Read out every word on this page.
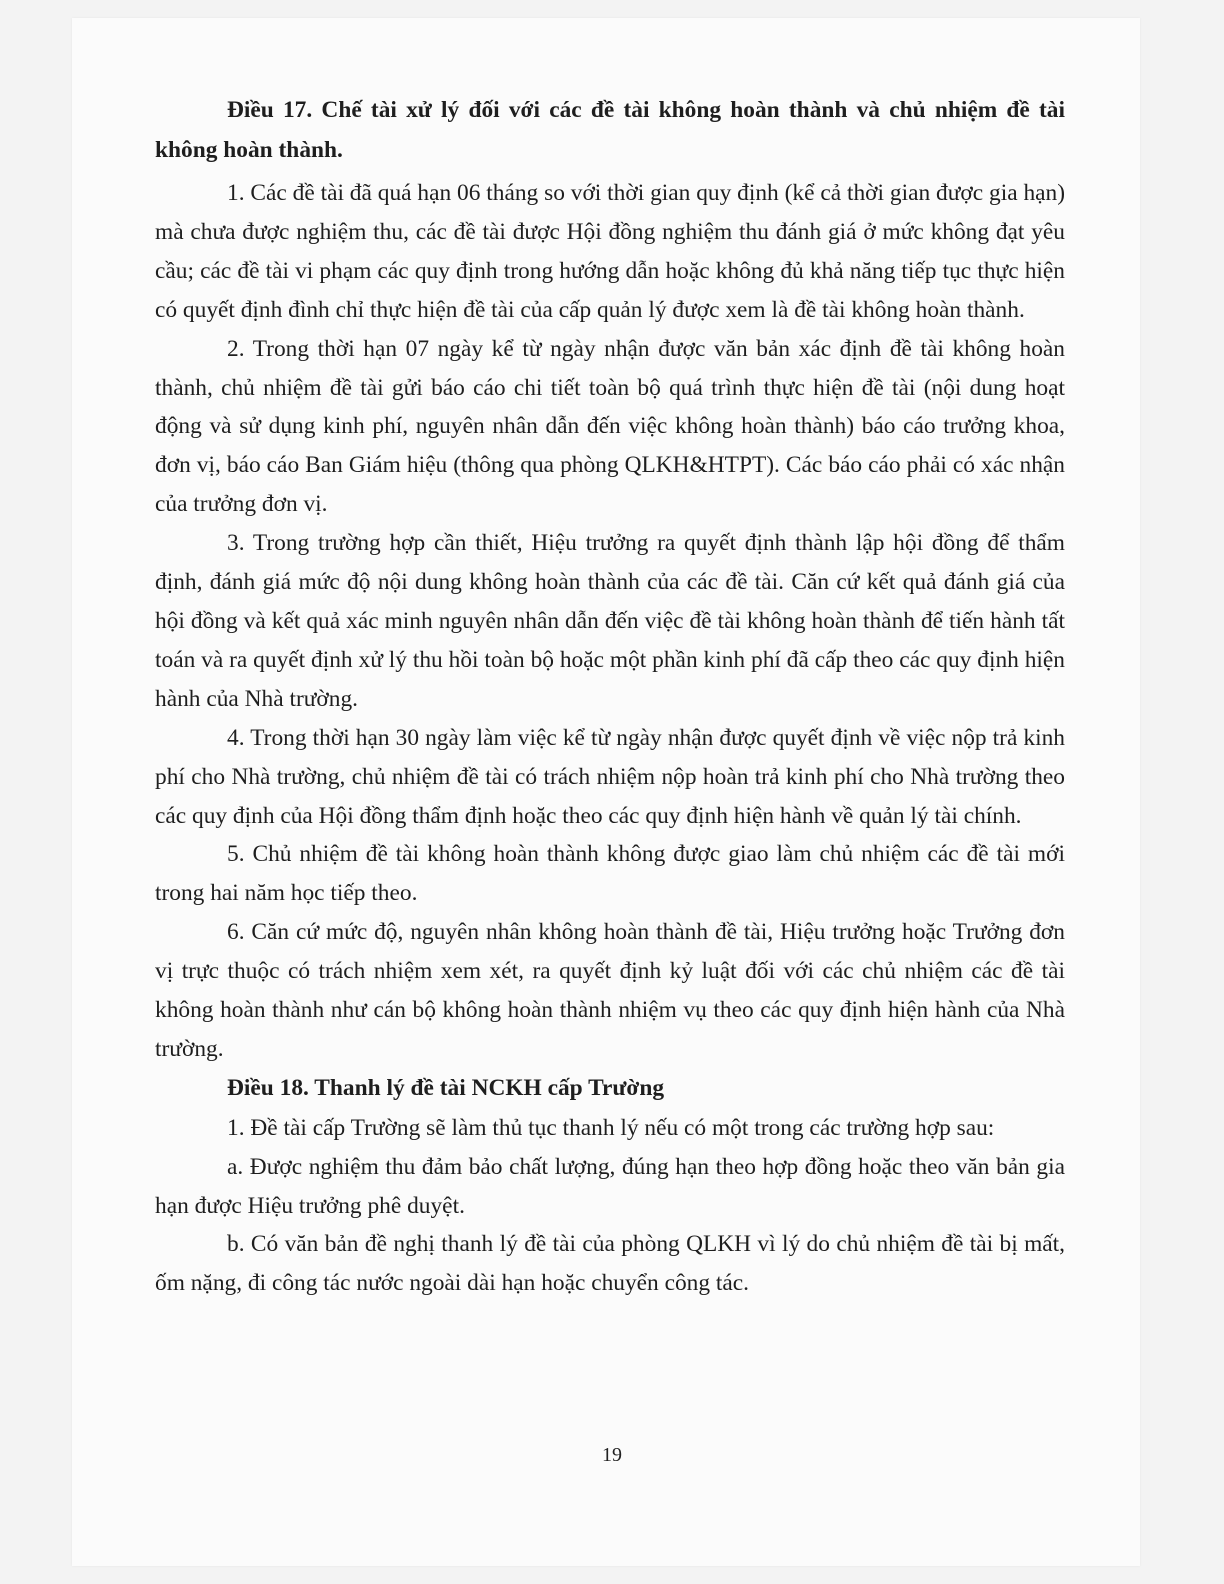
Điều 17. Chế tài xử lý đối với các đề tài không hoàn thành và chủ nhiệm đề tài không hoàn thành.

1. Các đề tài đã quá hạn 06 tháng so với thời gian quy định (kể cả thời gian được gia hạn) mà chưa được nghiệm thu, các đề tài được Hội đồng nghiệm thu đánh giá ở mức không đạt yêu cầu; các đề tài vi phạm các quy định trong hướng dẫn hoặc không đủ khả năng tiếp tục thực hiện có quyết định đình chỉ thực hiện đề tài của cấp quản lý được xem là đề tài không hoàn thành.

2. Trong thời hạn 07 ngày kể từ ngày nhận được văn bản xác định đề tài không hoàn thành, chủ nhiệm đề tài gửi báo cáo chi tiết toàn bộ quá trình thực hiện đề tài (nội dung hoạt động và sử dụng kinh phí, nguyên nhân dẫn đến việc không hoàn thành) báo cáo trưởng khoa, đơn vị, báo cáo Ban Giám hiệu (thông qua phòng QLKH&HTPT). Các báo cáo phải có xác nhận của trưởng đơn vị.

3. Trong trường hợp cần thiết, Hiệu trưởng ra quyết định thành lập hội đồng để thẩm định, đánh giá mức độ nội dung không hoàn thành của các đề tài. Căn cứ kết quả đánh giá của hội đồng và kết quả xác minh nguyên nhân dẫn đến việc đề tài không hoàn thành để tiến hành tất toán và ra quyết định xử lý thu hồi toàn bộ hoặc một phần kinh phí đã cấp theo các quy định hiện hành của Nhà trường.

4. Trong thời hạn 30 ngày làm việc kể từ ngày nhận được quyết định về việc nộp trả kinh phí cho Nhà trường, chủ nhiệm đề tài có trách nhiệm nộp hoàn trả kinh phí cho Nhà trường theo các quy định của Hội đồng thẩm định hoặc theo các quy định hiện hành về quản lý tài chính.

5. Chủ nhiệm đề tài không hoàn thành không được giao làm chủ nhiệm các đề tài mới trong hai năm học tiếp theo.

6. Căn cứ mức độ, nguyên nhân không hoàn thành đề tài, Hiệu trưởng hoặc Trưởng đơn vị trực thuộc có trách nhiệm xem xét, ra quyết định kỷ luật đối với các chủ nhiệm các đề tài không hoàn thành như cán bộ không hoàn thành nhiệm vụ theo các quy định hiện hành của Nhà trường.

Điều 18. Thanh lý đề tài NCKH cấp Trường

1. Đề tài cấp Trường sẽ làm thủ tục thanh lý nếu có một trong các trường hợp sau:

a. Được nghiệm thu đảm bảo chất lượng, đúng hạn theo hợp đồng hoặc theo văn bản gia hạn được Hiệu trưởng phê duyệt.

b. Có văn bản đề nghị thanh lý đề tài của phòng QLKH vì lý do chủ nhiệm đề tài bị mất, ốm nặng, đi công tác nước ngoài dài hạn hoặc chuyển công tác.

19
